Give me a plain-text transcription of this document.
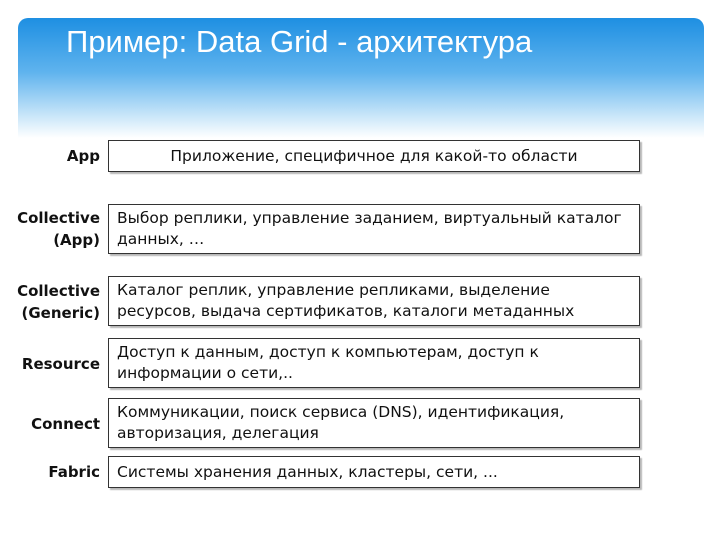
Пример: Data Grid - архитектура
App	Приложение, специфичное для какой-то области
Collective
(App)
Выбор реплики, управление заданием, виртуальный каталог данных, …
Collective
(Generic)
Каталог реплик, управление репликами, выделение ресурсов, выдача сертификатов, каталоги метаданных
Resource
Доступ к данным, доступ к компьютерам, доступ к информации о сети,..
Connect
Коммуникации, поиск сервиса (DNS), идентификация, авторизация, делегация
Fabric Системы хранения данных, кластеры, сети, ...
